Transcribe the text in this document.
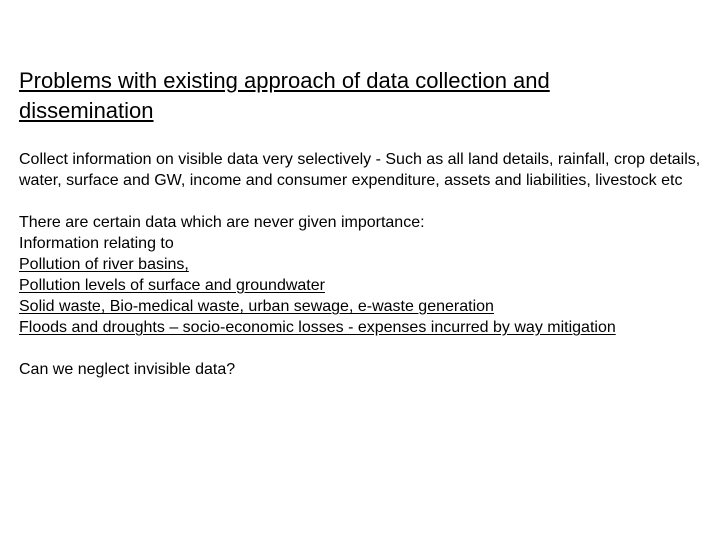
Problems with existing approach of data collection and dissemination

Collect information on visible data very selectively - Such as all land details, rainfall, crop details, water, surface and GW, income and consumer expenditure, assets and liabilities, livestock etc

There are certain data which are never given importance:
Information relating to
Pollution of river basins,
Pollution levels of surface and groundwater
Solid waste, Bio-medical waste, urban sewage, e-waste generation
Floods and droughts – socio-economic losses - expenses incurred by way mitigation

Can we neglect invisible data?
